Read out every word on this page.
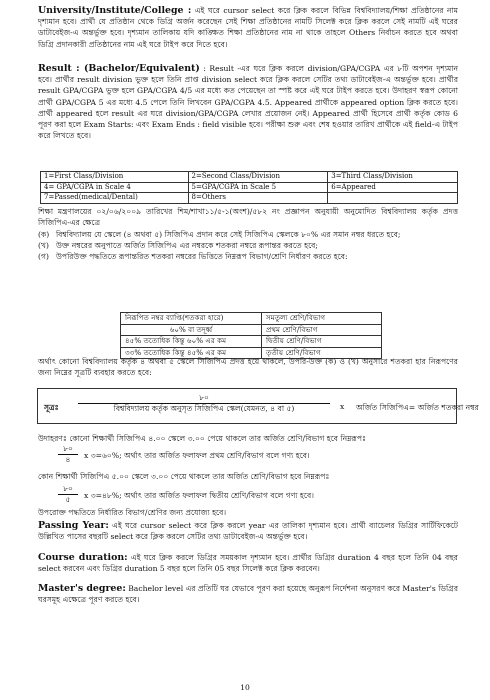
University/Institute/College : এই ঘরে cursor select করে ক্লিক করলে বিভিন্ন বিশ্ববিদ্যালয়/শিক্ষা প্রতিষ্ঠানের নাম দৃশ্যমান হবে। প্রার্থী যে প্রতিষ্ঠান থেকে ডিগ্রি অর্জন করেছেন সেই শিক্ষা প্রতিষ্ঠানের নামটি সিলেক্ট করে ক্লিক করলে সেই নামটি এই ঘরের ডাটাবেইজ-এ অন্তর্ভুক্ত হবে। দৃশ্যমান তালিকায় যদি কাঙ্ক্ষিত শিক্ষা প্রতিষ্ঠানের নাম না থাকে তাহলে Others নির্বাচন করতে হবে অথবা ডিগ্রি প্রদানকারী প্রতিষ্ঠানের নাম এই ঘরে টাইপ করে দিতে হবে।

Result : (Bachelor/Equivalent) : Result -এর ঘরে ক্লিক করলে division/GPA/CGPA এর ৮টি অপশন দৃশ্যমান হবে। প্রার্থীর result division ভুক্ত হলে তিনি প্রাপ্ত division select করে ক্লিক করলে সেটির তথ্য ডাটাবেইজ-এ অন্তর্ভুক্ত হবে। প্রার্থীর result GPA/CGPA ভুক্ত হলে GPA/CGPA 4/5 এর মধ্যে কত পেয়েছেন তা স্পষ্ট করে এই ঘরে টাইপ করতে হবে। উদাহরণ স্বরূপ কোনো প্রার্থী GPA/CGPA 5 এর মধ্যে 4.5 পেলে তিনি লিখবেন GPA/CGPA 4.5. Appeared প্রার্থীকে appeared option ক্লিক করতে হবে। প্রার্থী appeared হলে result এর ঘরে division/GPA/CGPA লেখার প্রয়োজন নেই। Appeared প্রার্থী হিসেবে প্রার্থী কর্তৃক কোড 6 পূরণ করা হলে Exam Starts: এবং Exam Ends : field visible হবে। পরীক্ষা শুরু এবং শেষ হওয়ার তারিখ প্রার্থীকে এই field-এ টাইপ করে লিখতে হবে।

1=First Class/Division	2=Second Class/Division	3=Third Class/Division
4= GPA/CGPA in Scale 4	5=GPA/CGPA in Scale 5	6=Appeared
7=Passed(medical/Dental)	8=Others	

শিক্ষা মন্ত্রণালয়ের ০২/০৬/২০০৯ তারিখের শিম/শাখা১১/৫-১(অংশ)/৫৮২ নং প্রজ্ঞাপন অনুযায়ী অনুমোদিত বিশ্ববিদ্যালয় কর্তৃক প্রদত্ত সিজিপিএ-এর ক্ষেত্রে

(ক) বিশ্ববিদ্যালয় যে স্কেলে (৪ অথবা ৫) সিজিপিএ প্রদান করে সেই সিজিপিএ স্কেলকে ৮০% এর সমান নম্বর ধরতে হবে;
(খ) উক্ত নম্বরের অনুপাতে অর্জিত সিজিপিএ এর নম্বরকে শতকরা নম্বরে রূপান্তর করতে হবে;
(গ) উপরিউক্ত পদ্ধতিতে রূপান্তরিত শতকরা নম্বরের ভিত্তিতে নিম্নরূপ বিভাগ/শ্রেণি নির্ধারণ করতে হবে:
নিরূপিত নম্বর ব্যাপ্তি(শতকরা হারে)	সমতুল্য শ্রেণি/বিভাগ
৬০% বা তদূর্ধ্ব	প্রথম শ্রেণি/বিভাগ
৪৫% ততোধিক কিন্তু ৬০% এর কম	দ্বিতীয় শ্রেণি/বিভাগ
৩৩% ততোধিক কিন্তু ৪৫% এর কম	তৃতীয় শ্রেণি/বিভাগ

অর্থাৎ কোনো বিশ্ববিদ্যালয় কর্তৃক ৪ অথবা ৫ স্কেলে সিজিপিএ প্রদত্ত হয়ে থাকলে, উপরি-উক্ত (ক) ও (খ) অনুসারে শতকরা হার নিরূপণের জন্য নিম্নের সূত্রটি ব্যবহার করতে হবে:

সূত্রঃ
৮০
বিশ্ববিদ্যালয় কর্তৃক অনুসৃত সিজিপিএ স্কেল(যেমনত, ৪ বা ৫)	x অর্জিত সিজিপিএ= অর্জিত শতকরা নম্বর

উদাহরণঃ কোনো শিক্ষার্থী সিজিপিএ ৪.০০ স্কেলে ৩.০০ পেয়ে থাকলে তার অর্জিত শ্রেণি/বিভাগ হবে নিম্নরূপঃ

৮০
৪	x ৩=৬০%; অর্থাৎ তার অর্জিত ফলাফল প্রথম শ্রেণি/বিভাগ বলে গণ্য হবে।

কোন শিক্ষার্থী সিজিপিএ ৫.০০ স্কেলে ৩.০০ পেয়ে থাকলে তার অর্জিত শ্রেণি/বিভাগ হবে নিম্নরূপঃ

৮০
৫	x ৩=৪৮%; অর্থাৎ তার অর্জিত ফলাফল দ্বিতীয় শ্রেণি/বিভাগ বলে গণ্য হবে।

উপরোক্ত পদ্ধতিতে নির্ধারিত বিভাগ/শ্রেণির জন্য প্রযোজ্য হবে।

Passing Year: এই ঘরে cursor select করে ক্লিক করলে year এর তালিকা দৃশ্যমান হবে। প্রার্থী ব্যাচেলর ডিগ্রির সার্টিফিকেটে উল্লিখিত পাসের বছরটি select করে ক্লিক করলে সেটির তথ্য ডাটাবেইজ-এ অন্তর্ভুক্ত হবে।

Course duration: এই ঘরে ক্লিক করলে ডিগ্রির সময়কাল দৃশ্যমান হবে। প্রার্থীর ডিগ্রির duration 4 বছর হলে তিনি 04 বছর select করবেন এবং ডিগ্রির duration 5 বছর হলে তিনি 05 বছর সিলেক্ট করে ক্লিক করবেন।

Master's degree: Bachelor level এর প্রতিটি ঘর যেভাবে পূরণ করা হয়েছে অনুরূপ নির্দেশনা অনুসরণ করে Master's ডিগ্রির ঘরসমূহ এক্ষেত্রে পূরণ করতে হবে।

10
